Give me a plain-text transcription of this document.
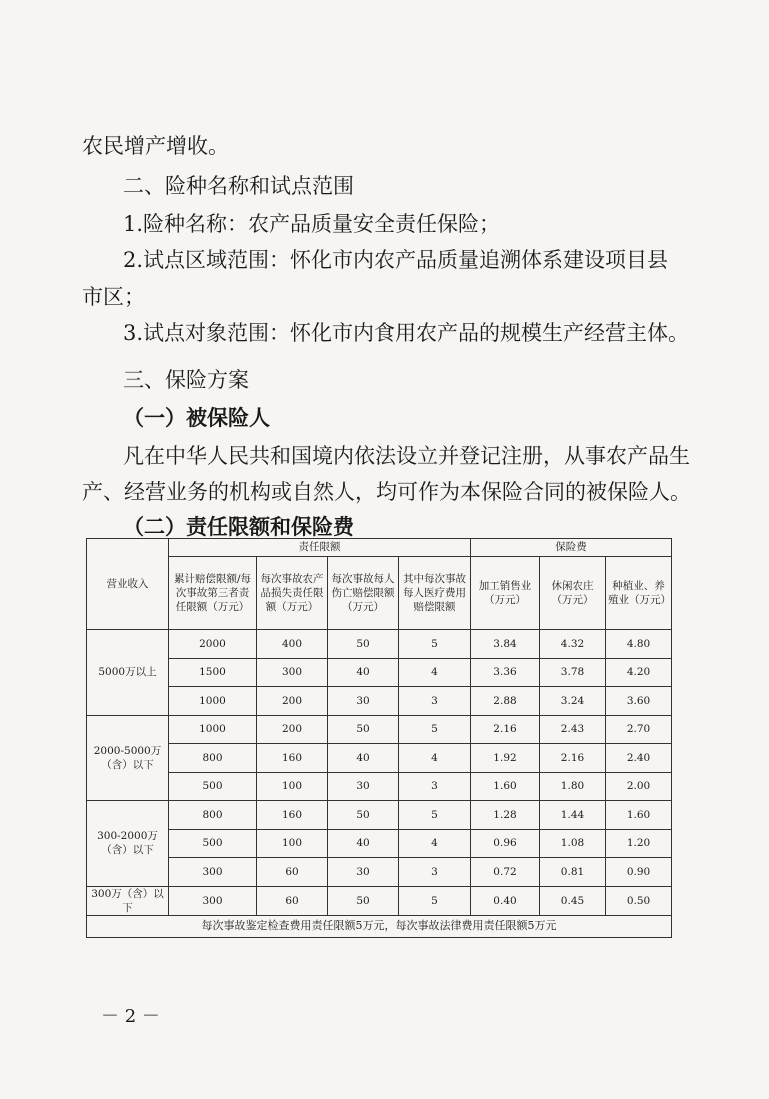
农民增产增收。
二、险种名称和试点范围
1.险种名称：农产品质量安全责任保险；
2.试点区域范围：怀化市内农产品质量追溯体系建设项目县
市区；
3.试点对象范围：怀化市内食用农产品的规模生产经营主体。
三、保险方案
（一）被保险人
凡在中华人民共和国境内依法设立并登记注册，从事农产品生
产、经营业务的机构或自然人，均可作为本保险合同的被保险人。
（二）责任限额和保险费
营业收入	责任限额				保险费		
	累计赔偿限额/每次事故第三者责任限额（万元）	每次事故农产品损失责任限额（万元）	每次事故每人伤亡赔偿限额（万元）	其中每次事故每人医疗费用赔偿限额	加工销售业（万元）	休闲农庄（万元）	种植业、养殖业（万元）
5000万以上	2000	400	50	5	3.84	4.32	4.80
	1500	300	40	4	3.36	3.78	4.20
	1000	200	30	3	2.88	3.24	3.60
2000-5000万（含）以下	1000	200	50	5	2.16	2.43	2.70
	800	160	40	4	1.92	2.16	2.40
	500	100	30	3	1.60	1.80	2.00
300-2000万（含）以下	800	160	50	5	1.28	1.44	1.60
	500	100	40	4	0.96	1.08	1.20
	300	60	30	3	0.72	0.81	0.90
300万（含）以下	300	60	50	5	0.40	0.45	0.50
每次事故鉴定检查费用责任限额5万元，每次事故法律费用责任限额5万元							
－ 2 －
